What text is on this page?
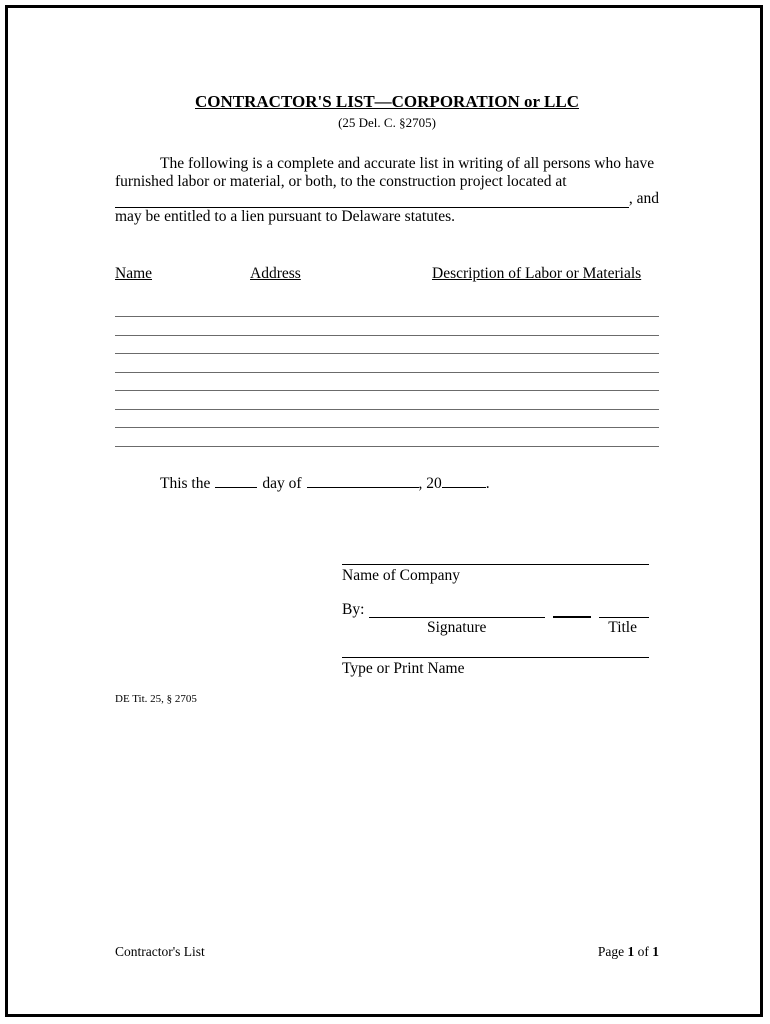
CONTRACTOR'S LIST—CORPORATION or LLC
(25 Del. C. §2705)
The following is a complete and accurate list in writing of all persons who have
furnished labor or material, or both, to the construction project located at
, and
may be entitled to a lien pursuant to Delaware statutes.
Name	Address	Description of Labor or Materials
This the	day of	, 20	.
Name of Company
By:
Signature	Title
Type or Print Name
DE Tit. 25, § 2705
Contractor's List	Page 1 of 1
